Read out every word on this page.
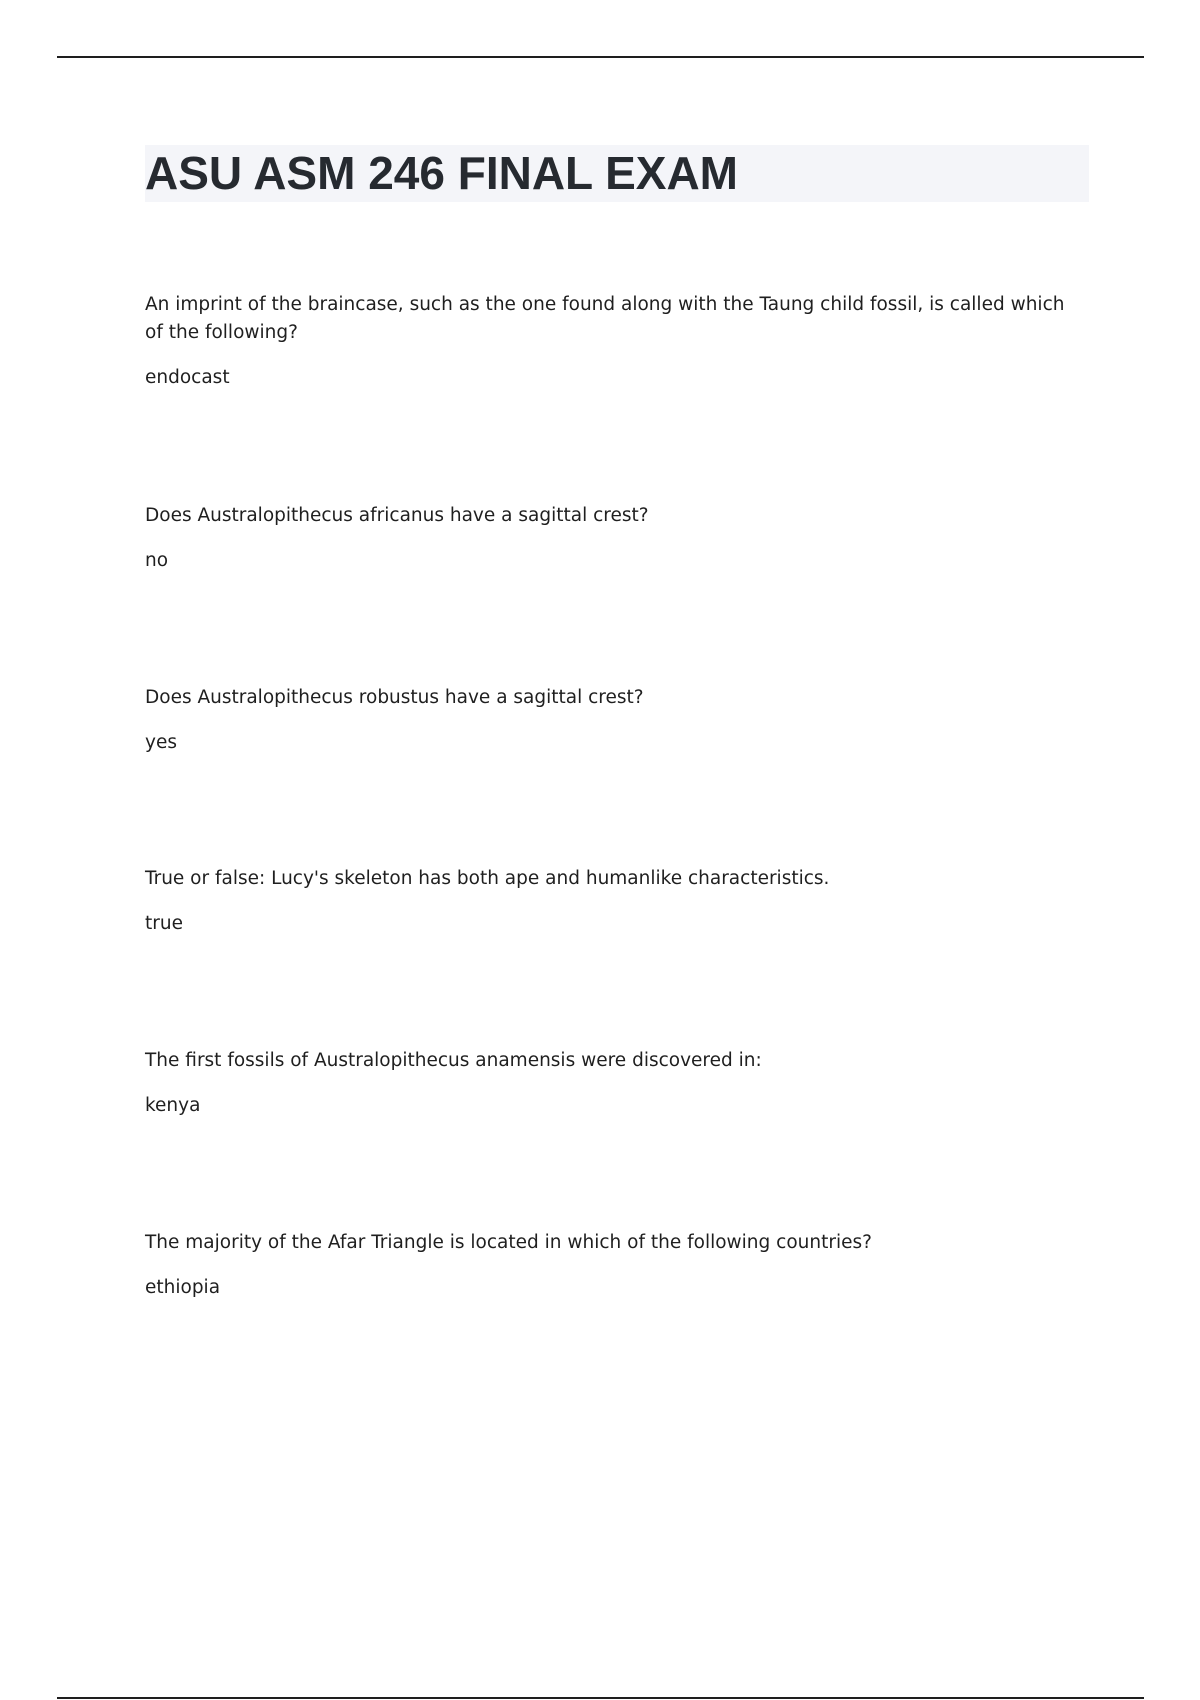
ASU ASM 246 FINAL EXAM

An imprint of the braincase, such as the one found along with the Taung child fossil, is called which of the following?

endocast

Does Australopithecus africanus have a sagittal crest?

no

Does Australopithecus robustus have a sagittal crest?

yes

True or false: Lucy's skeleton has both ape and humanlike characteristics.

true

The first fossils of Australopithecus anamensis were discovered in:

kenya

The majority of the Afar Triangle is located in which of the following countries?

ethiopia
